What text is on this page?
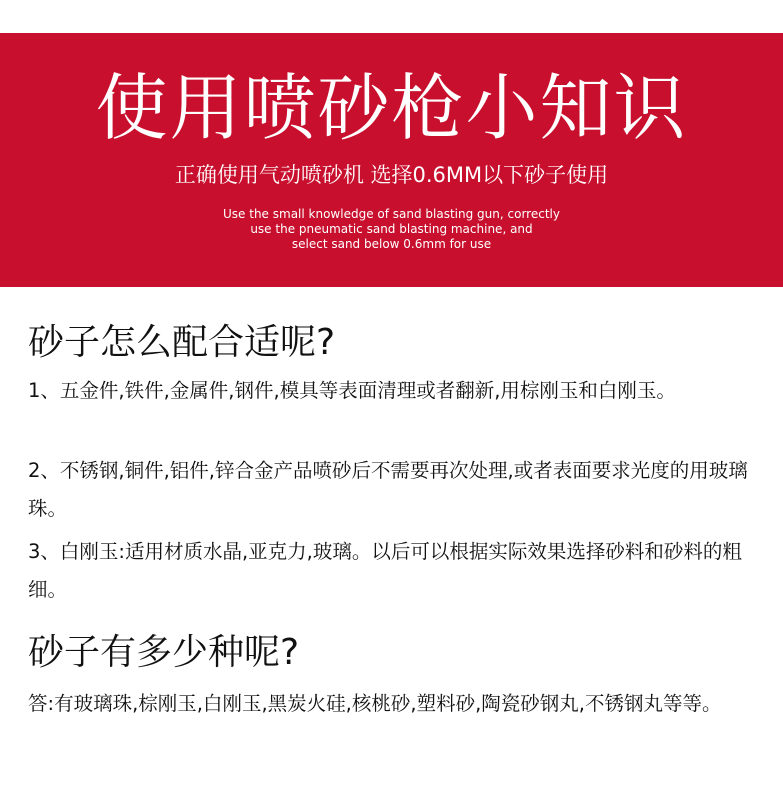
使用喷砂枪小知识
正确使用气动喷砂机 选择0.6MM以下砂子使用
Use the small knowledge of sand blasting gun, correctly
use the pneumatic sand blasting machine, and
select sand below 0.6mm for use
砂子怎么配合适呢?
1、五金件,铁件,金属件,钢件,模具等表面清理或者翻新,用棕刚玉和白刚玉。
2、不锈钢,铜件,铝件,锌合金产品喷砂后不需要再次处理,或者表面要求光度的用玻璃珠。
3、白刚玉:适用材质水晶,亚克力,玻璃。以后可以根据实际效果选择砂料和砂料的粗细。
砂子有多少种呢?
答:有玻璃珠,棕刚玉,白刚玉,黑炭火硅,核桃砂,塑料砂,陶瓷砂钢丸,不锈钢丸等等。
